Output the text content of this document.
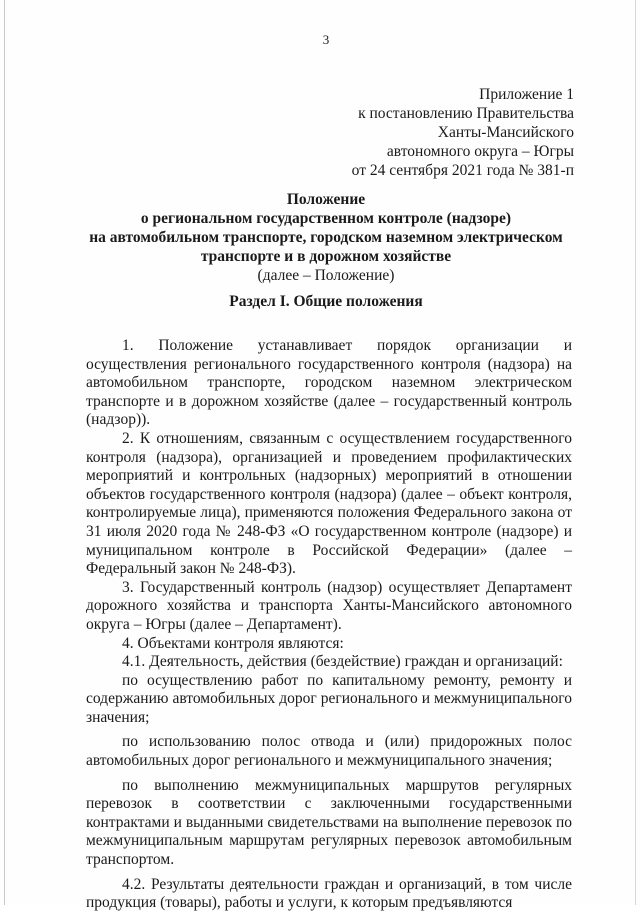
3
Приложение 1
к постановлению Правительства
Ханты-Мансийского
автономного округа – Югры
от 24 сентября 2021 года № 381-п
Положение
о региональном государственном контроле (надзоре)
на автомобильном транспорте, городском наземном электрическом
транспорте и в дорожном хозяйстве
(далее – Положение)
Раздел I. Общие положения

1. Положение устанавливает порядок организации и осуществления регионального государственного контроля (надзора) на автомобильном транспорте, городском наземном электрическом транспорте и в дорожном хозяйстве (далее – государственный контроль (надзор)).

2. К отношениям, связанным с осуществлением государственного контроля (надзора), организацией и проведением профилактических мероприятий и контрольных (надзорных) мероприятий в отношении объектов государственного контроля (надзора) (далее – объект контроля, контролируемые лица), применяются положения Федерального закона от 31 июля 2020 года № 248-ФЗ «О государственном контроле (надзоре) и муниципальном контроле в Российской Федерации» (далее – Федеральный закон № 248-ФЗ).

3. Государственный контроль (надзор) осуществляет Департамент дорожного хозяйства и транспорта Ханты-Мансийского автономного округа – Югры (далее – Департамент).

4. Объектами контроля являются:

4.1. Деятельность, действия (бездействие) граждан и организаций:

по осуществлению работ по капитальному ремонту, ремонту и содержанию автомобильных дорог регионального и межмуниципального значения;

по использованию полос отвода и (или) придорожных полос автомобильных дорог регионального и межмуниципального значения;

по выполнению межмуниципальных маршрутов регулярных перевозок в соответствии с заключенными государственными контрактами и выданными свидетельствами на выполнение перевозок по межмуниципальным маршрутам регулярных перевозок автомобильным транспортом.

4.2. Результаты деятельности граждан и организаций, в том числе продукция (товары), работы и услуги, к которым предъявляются
